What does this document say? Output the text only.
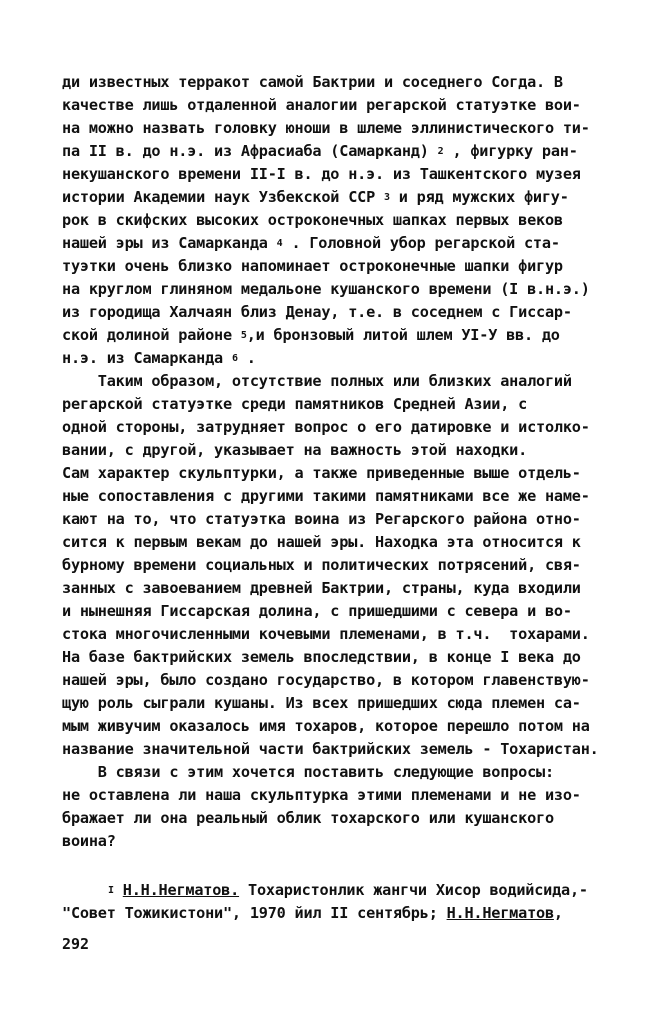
ди известных терракот самой Бактрии и соседнего Согда. В
качестве лишь отдаленной аналогии регарской статуэтке вои-
на можно назвать головку юноши в шлеме эллинистического ти-
па II в. до н.э. из Афрасиаба (Самарканд) $^2$ , фигурку ран-
некушанского времени II-I в. до н.э. из Ташкентского музея
истории Академии наук Узбекской ССР $^3$ и ряд мужских фигу-
рок в скифских высоких остроконечных шапках первых веков
нашей эры из Самарканда $^4$ . Головной убор регарской ста-
туэтки очень близко напоминает остроконечные шапки фигур
на круглом глиняном медальоне кушанского времени (I в.н.э.)
из городища Халчаян близ Денау, т.е. в соседнем с Гиссар-
ской долиной районе $^5$,и бронзовый литой шлем УI-У вв. до
н.э. из Самарканда $^6$ .
Таким образом, отсутствие полных или близких аналогий
регарской статуэтке среди памятников Средней Азии, с
одной стороны, затрудняет вопрос о его датировке и истолко-
вании, с другой, указывает на важность этой находки.
Сам характер скульптурки, а также приведенные выше отдель-
ные сопоставления с другими такими памятниками все же наме-
кают на то, что статуэтка воина из Регарского района отно-
сится к первым векам до нашей эры. Находка эта относится к
бурному времени социальных и политических потрясений, свя-
занных с завоеванием древней Бактрии, страны, куда входили
и нынешняя Гиссарская долина, с пришедшими с севера и во-
стока многочисленными кочевыми племенами, в т.ч.  тохарами.
На базе бактрийских земель впоследствии, в конце I века до
нашей эры, было создано государство, в котором главенствую-
щую роль сыграли кушаны. Из всех пришедших сюда племен са-
мым живучим оказалось имя тохаров, которое перешло потом на
название значительной части бактрийских земель - Тохаристан.
В связи с этим хочется поставить следующие вопросы:
не оставлена ли наша скульптурка этими племенами и не изо-
бражает ли она реальный облик тохарского или кушанского
воина?
$^I$ Н.Н.Негматов. Тохаристонлик жангчи Хисор водийсида,-
"Совет Тожикистони", 1970 йил II сентябрь; Н.Н.Негматов,
292
